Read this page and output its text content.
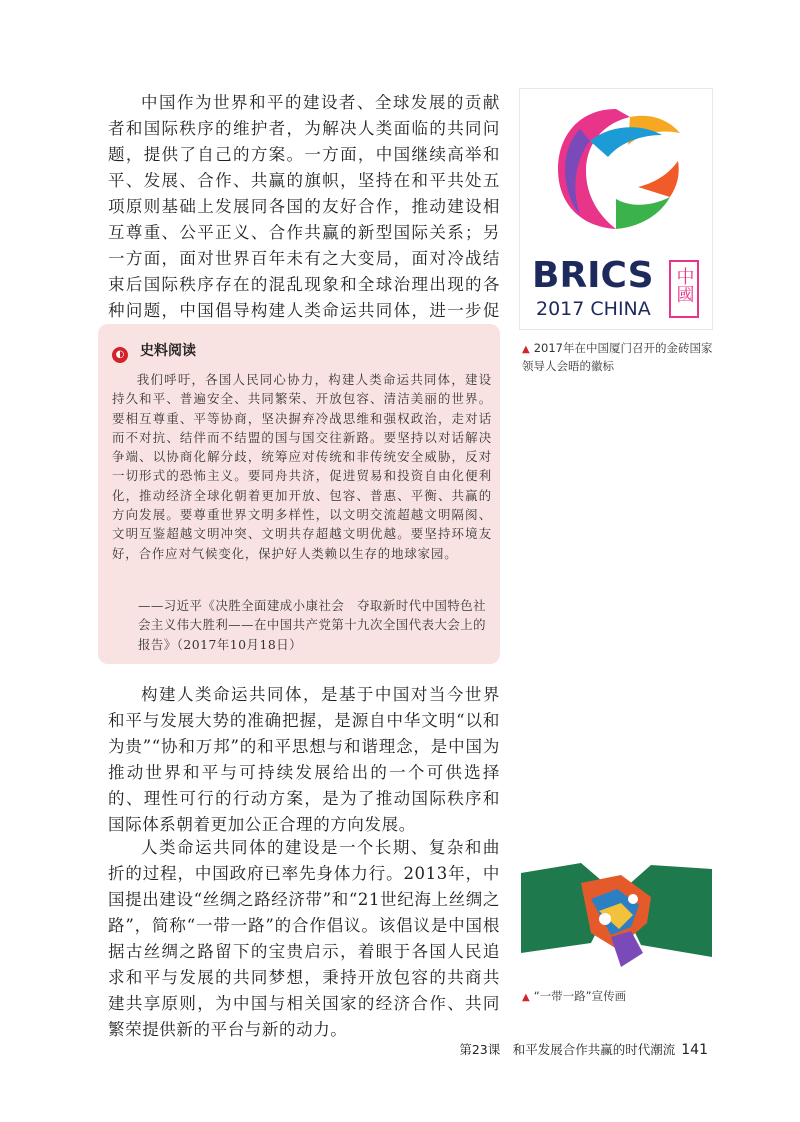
中国作为世界和平的建设者、全球发展的贡献者和国际秩序的维护者，为解决人类面临的共同问题，提供了自己的方案。一方面，中国继续高举和平、发展、合作、共赢的旗帜，坚持在和平共处五项原则基础上发展同各国的友好合作，推动建设相互尊重、公平正义、合作共赢的新型国际关系；另一方面，面对世界百年未有之大变局，面对冷战结束后国际秩序存在的混乱现象和全球治理出现的各种问题，中国倡导构建人类命运共同体，进一步促

◐ 史料阅读

我们呼吁，各国人民同心协力，构建人类命运共同体，建设持久和平、普遍安全、共同繁荣、开放包容、清洁美丽的世界。要相互尊重、平等协商，坚决摒弃冷战思维和强权政治，走对话而不对抗、结伴而不结盟的国与国交往新路。要坚持以对话解决争端、以协商化解分歧，统筹应对传统和非传统安全威胁，反对一切形式的恐怖主义。要同舟共济，促进贸易和投资自由化便利化，推动经济全球化朝着更加开放、包容、普惠、平衡、共赢的方向发展。要尊重世界文明多样性，以文明交流超越文明隔阂、文明互鉴超越文明冲突、文明共存超越文明优越。要坚持环境友好，合作应对气候变化，保护好人类赖以生存的地球家园。

——习近平《决胜全面建成小康社会　夺取新时代中国特色社会主义伟大胜利——在中国共产党第十九次全国代表大会上的报告》（2017年10月18日）

构建人类命运共同体，是基于中国对当今世界和平与发展大势的准确把握，是源自中华文明“以和为贵”“协和万邦”的和平思想与和谐理念，是中国为推动世界和平与可持续发展给出的一个可供选择的、理性可行的行动方案，是为了推动国际秩序和国际体系朝着更加公正合理的方向发展。

人类命运共同体的建设是一个长期、复杂和曲折的过程，中国政府已率先身体力行。2013年，中国提出建设“丝绸之路经济带”和“21世纪海上丝绸之路”，简称“一带一路”的合作倡议。该倡议是中国根据古丝绸之路留下的宝贵启示，着眼于各国人民追求和平与发展的共同梦想，秉持开放包容的共商共建共享原则，为中国与相关国家的经济合作、共同繁荣提供新的平台与新的动力。

BRICS
2017 CHINA
中國
▲ 2017年在中国厦门召开的金砖国家领导人会晤的徽标
▲ “一带一路”宣传画
第23课　和平发展合作共赢的时代潮流 141
